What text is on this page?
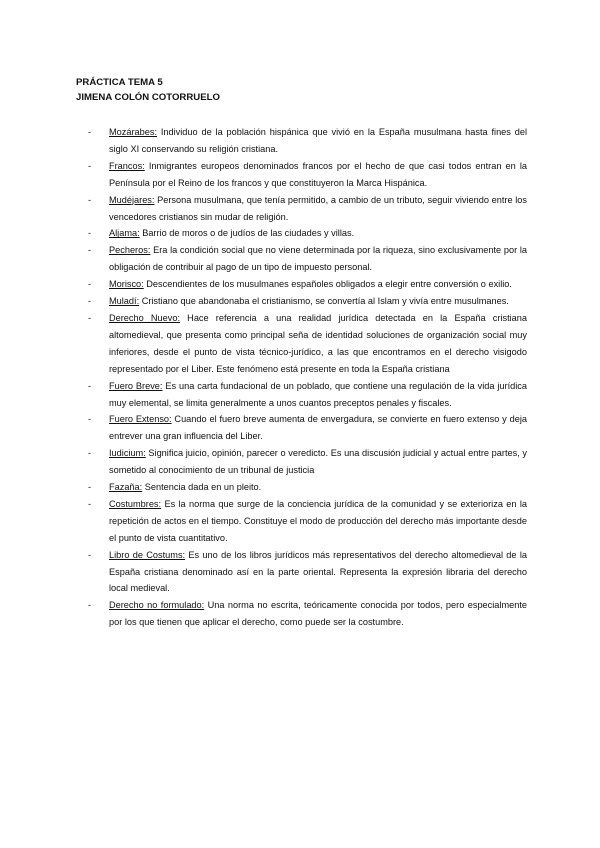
PRÁCTICA TEMA 5
JIMENA COLÓN COTORRUELO
- Mozárabes: Individuo de la población hispánica que vivió en la España musulmana hasta fines del siglo XI conservando su religión cristiana.
- Francos: Inmigrantes europeos denominados francos por el hecho de que casi todos entran en la Península por el Reino de los francos y que constituyeron la Marca Hispánica.
- Mudéjares: Persona musulmana, que tenía permitido, a cambio de un tributo, seguir viviendo entre los vencedores cristianos sin mudar de religión.
- Aljama: Barrio de moros o de judíos de las ciudades y villas.
- Pecheros: Era la condición social que no viene determinada por la riqueza, sino exclusivamente por la obligación de contribuir al pago de un tipo de impuesto personal.
- Morisco: Descendientes de los musulmanes españoles obligados a elegir entre conversión o exilio.
- Muladí: Cristiano que abandonaba el cristianismo, se convertía al Islam y vivía entre musulmanes.
- Derecho Nuevo: Hace referencia a una realidad jurídica detectada en la España cristiana altomedieval, que presenta como principal seña de identidad soluciones de organización social muy inferiores, desde el punto de vista técnico-jurídico, a las que encontramos en el derecho visigodo representado por el Liber. Este fenómeno está presente en toda la España cristiana
- Fuero Breve: Es una carta fundacional de un poblado, que contiene una regulación de la vida jurídica muy elemental, se limita generalmente a unos cuantos preceptos penales y fiscales.
- Fuero Extenso: Cuando el fuero breve aumenta de envergadura, se convierte en fuero extenso y deja entrever una gran influencia del Liber.
- Iudicium: Significa juicio, opinión, parecer o veredicto. Es una discusión judicial y actual entre partes, y sometido al conocimiento de un tribunal de justicia
- Fazaña: Sentencia dada en un pleito.
- Costumbres: Es la norma que surge de la conciencia jurídica de la comunidad y se exterioriza en la repetición de actos en el tiempo. Constituye el modo de producción del derecho más importante desde el punto de vista cuantitativo.
- Libro de Costums: Es uno de los libros jurídicos más representativos del derecho altomedieval de la España cristiana denominado así en la parte oriental. Representa la expresión libraria del derecho local medieval.
- Derecho no formulado: Una norma no escrita, teóricamente conocida por todos, pero especialmente por los que tienen que aplicar el derecho, como puede ser la costumbre.
